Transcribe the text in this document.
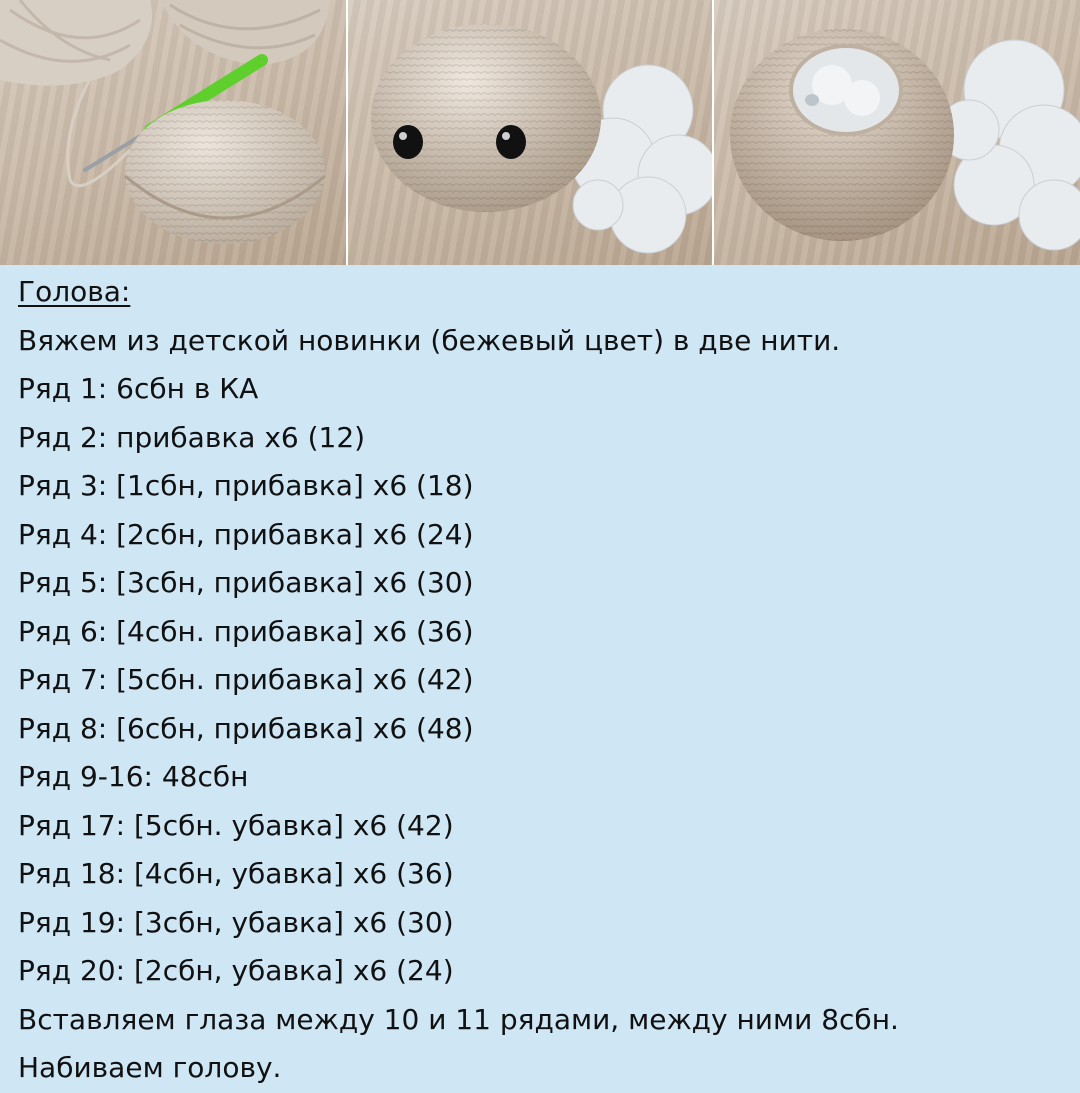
Голова:

Вяжем из детской новинки (бежевый цвет) в две нити.

Ряд 1: 6сбн в КА

Ряд 2: прибавка х6 (12)

Ряд 3: [1сбн, прибавка] х6 (18)

Ряд 4: [2сбн, прибавка] х6 (24)

Ряд 5: [3сбн, прибавка] х6 (30)

Ряд 6: [4сбн. прибавка] х6 (36)

Ряд 7: [5сбн. прибавка] х6 (42)

Ряд 8: [6сбн, прибавка] х6 (48)

Ряд 9-16: 48сбн

Ряд 17: [5сбн. убавка] х6 (42)

Ряд 18: [4сбн, убавка] х6 (36)

Ряд 19: [3сбн, убавка] х6 (30)

Ряд 20: [2сбн, убавка] х6 (24)

Вставляем глаза между 10 и 11 рядами, между ними 8сбн.

Набиваем голову.
